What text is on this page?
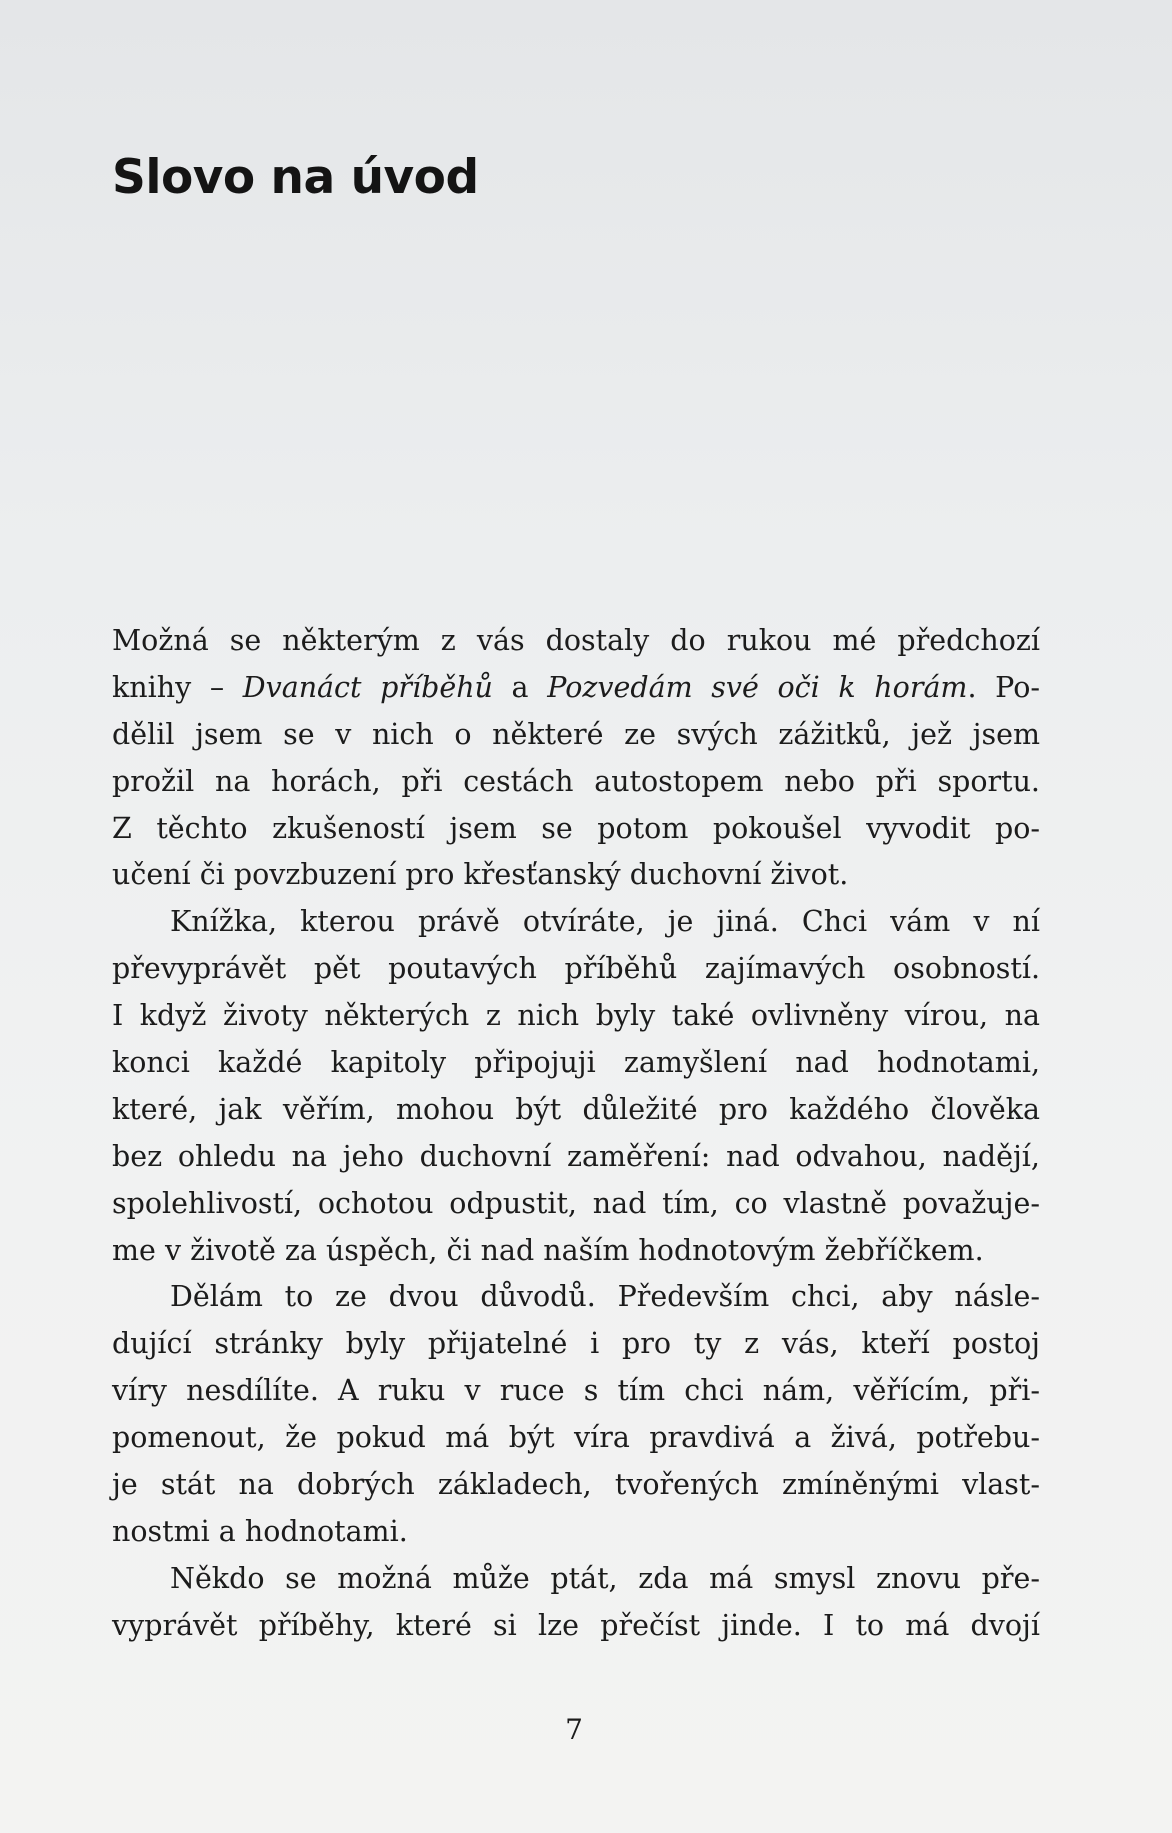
Slovo na úvod
Možná se některým z vás dostaly do rukou mé předchozí
knihy – Dvanáct příběhů a Pozvedám své oči k horám. Po-
dělil jsem se v nich o některé ze svých zážitků, jež jsem
prožil na horách, při cestách autostopem nebo při sportu.
Z těchto zkušeností jsem se potom pokoušel vyvodit po-
učení či povzbuzení pro křesťanský duchovní život.
Knížka, kterou právě otvíráte, je jiná. Chci vám v ní
převyprávět pět poutavých příběhů zajímavých osobností.
I když životy některých z nich byly také ovlivněny vírou, na
konci každé kapitoly připojuji zamyšlení nad hodnotami,
které, jak věřím, mohou být důležité pro každého člověka
bez ohledu na jeho duchovní zaměření: nad odvahou, nadějí,
spolehlivostí, ochotou odpustit, nad tím, co vlastně považuje-
me v životě za úspěch, či nad naším hodnotovým žebříčkem.
Dělám to ze dvou důvodů. Především chci, aby násle-
dující stránky byly přijatelné i pro ty z vás, kteří postoj
víry nesdílíte. A ruku v ruce s tím chci nám, věřícím, při-
pomenout, že pokud má být víra pravdivá a živá, potřebu-
je stát na dobrých základech, tvořených zmíněnými vlast-
nostmi a hodnotami.
Někdo se možná může ptát, zda má smysl znovu pře-
vyprávět příběhy, které si lze přečíst jinde. I to má dvojí
7
